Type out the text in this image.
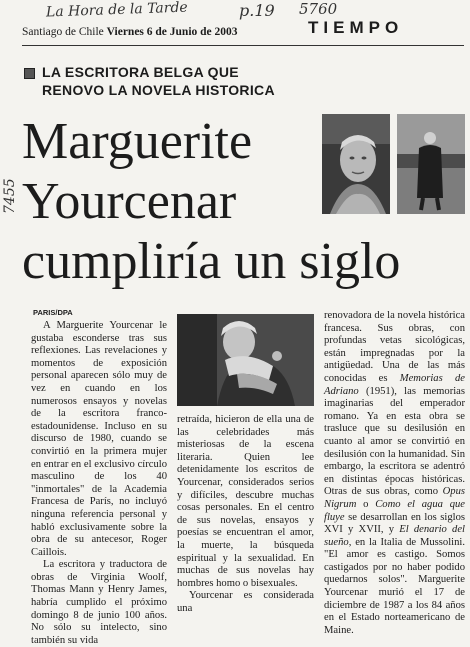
La Hora de la Tarde	p.19 5760
7455
Santiago de Chile Viernes 6 de Junio de 2003	TIEMPO
LA ESCRITORA BELGA QUE
RENOVO LA NOVELA HISTORICA
Marguerite
Yourcenar
cumpliría un siglo
PARIS/DPA

A Marguerite Yourcenar le gustaba esconderse tras sus reflexiones. Las revelaciones y momentos de exposición personal aparecen sólo muy de vez en cuando en los numerosos ensayos y novelas de la escritora franco-estadounidense. Incluso en su discurso de 1980, cuando se convirtió en la primera mujer en entrar en el exclusivo círculo masculino de los 40 "inmortales" de la Academia Francesa de París, no incluyó ninguna referencia personal y habló exclusivamente sobre la obra de su antecesor, Roger Caillois.

La escritora y traductora de obras de Virginia Woolf, Thomas Mann y Henry James, habría cumplido el próximo domingo 8 de junio 100 años. No sólo su intelecto, sino también su vida

retraída, hicieron de ella una de las celebridades más misteriosas de la escena literaria. Quien lee detenidamente los escritos de Yourcenar, considerados serios y difíciles, descubre muchas cosas personales. En el centro de sus novelas, ensayos y poesías se encuentran el amor, la muerte, la búsqueda espiritual y la sexualidad. En muchas de sus novelas hay hombres homo o bisexuales.

Yourcenar es considerada una

renovadora de la novela histórica francesa. Sus obras, con profundas vetas sicológicas, están impregnadas por la antigüedad. Una de las más conocidas es Memorias de Adriano (1951), las memorias imaginarias del emperador romano. Ya en esta obra se trasluce que su desilusión en cuanto al amor se convirtió en desilusión con la humanidad. Sin embargo, la escritora se adentró en distintas épocas históricas. Otras de sus obras, como Opus Nigrum o Como el agua que fluye se desarrollan en los siglos XVI y XVII, y El denario del sueño, en la Italia de Mussolini. "El amor es castigo. Somos castigados por no haber podido quedarnos solos". Marguerite Yourcenar murió el 17 de diciembre de 1987 a los 84 años en el Estado norteamericano de Maine.
